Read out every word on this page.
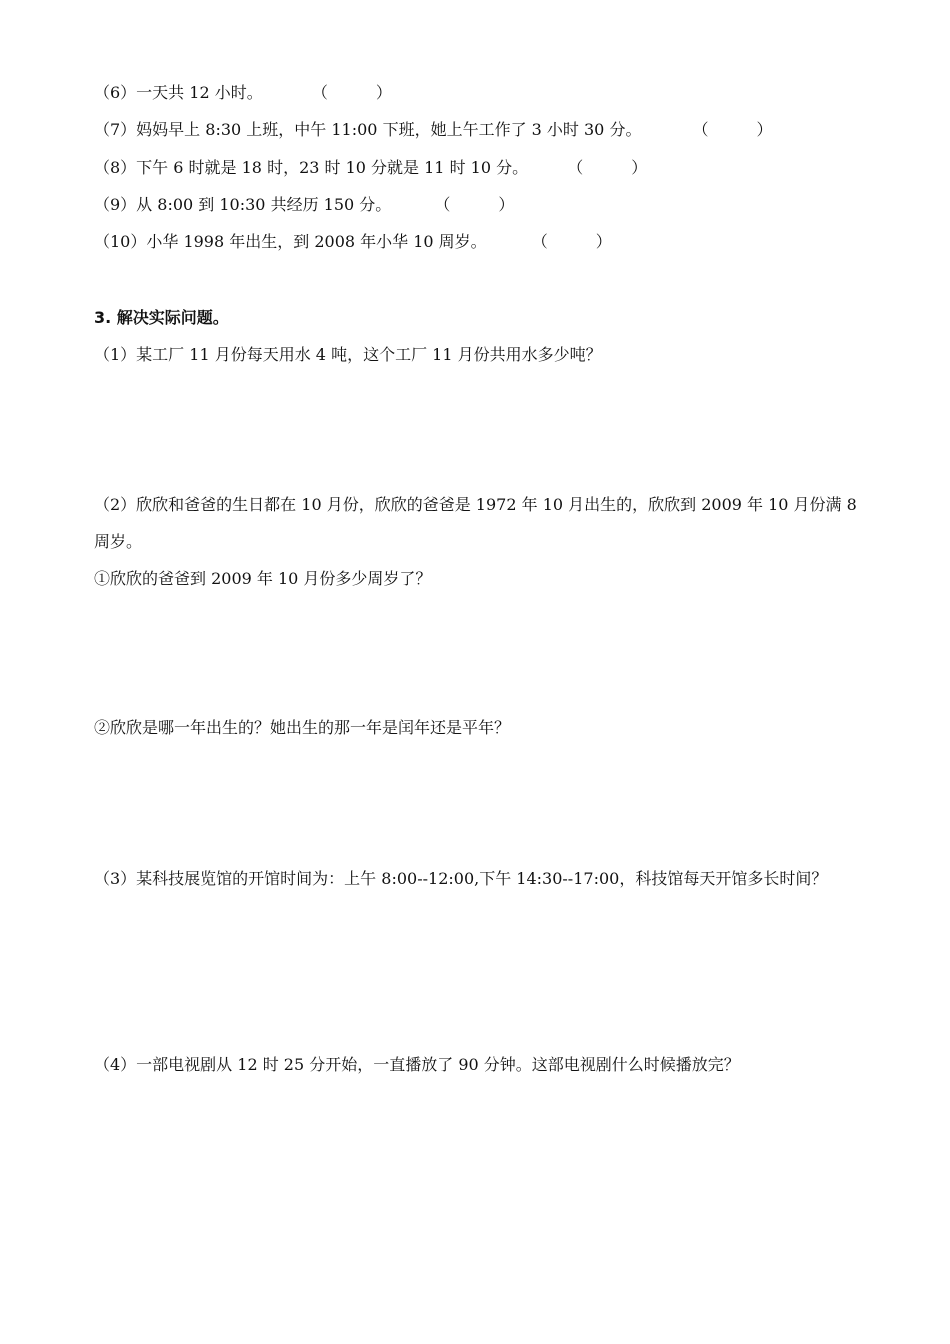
（6）一天共 12 小时。	（　　　）
（7）妈妈早上 8:30 上班，中午 11:00 下班，她上午工作了 3 小时 30 分。	（　　　）
（8）下午 6 时就是 18 时，23 时 10 分就是 11 时 10 分。 （　　　）
（9）从 8:00 到 10:30 共经历 150 分。	（　　　）
（10）小华 1998 年出生，到 2008 年小华 10 周岁。	（　　　）
3. 解决实际问题。
（1）某工厂 11 月份每天用水 4 吨，这个工厂 11 月份共用水多少吨？
（2）欣欣和爸爸的生日都在 10 月份，欣欣的爸爸是 1972 年 10 月出生的，欣欣到 2009 年 10 月份满 8 周岁。
①欣欣的爸爸到 2009 年 10 月份多少周岁了？
②欣欣是哪一年出生的？她出生的那一年是闰年还是平年？
（3）某科技展览馆的开馆时间为：上午 8:00--12:00,下午 14:30--17:00，科技馆每天开馆多长时间？
（4）一部电视剧从 12 时 25 分开始，一直播放了 90 分钟。这部电视剧什么时候播放完？
